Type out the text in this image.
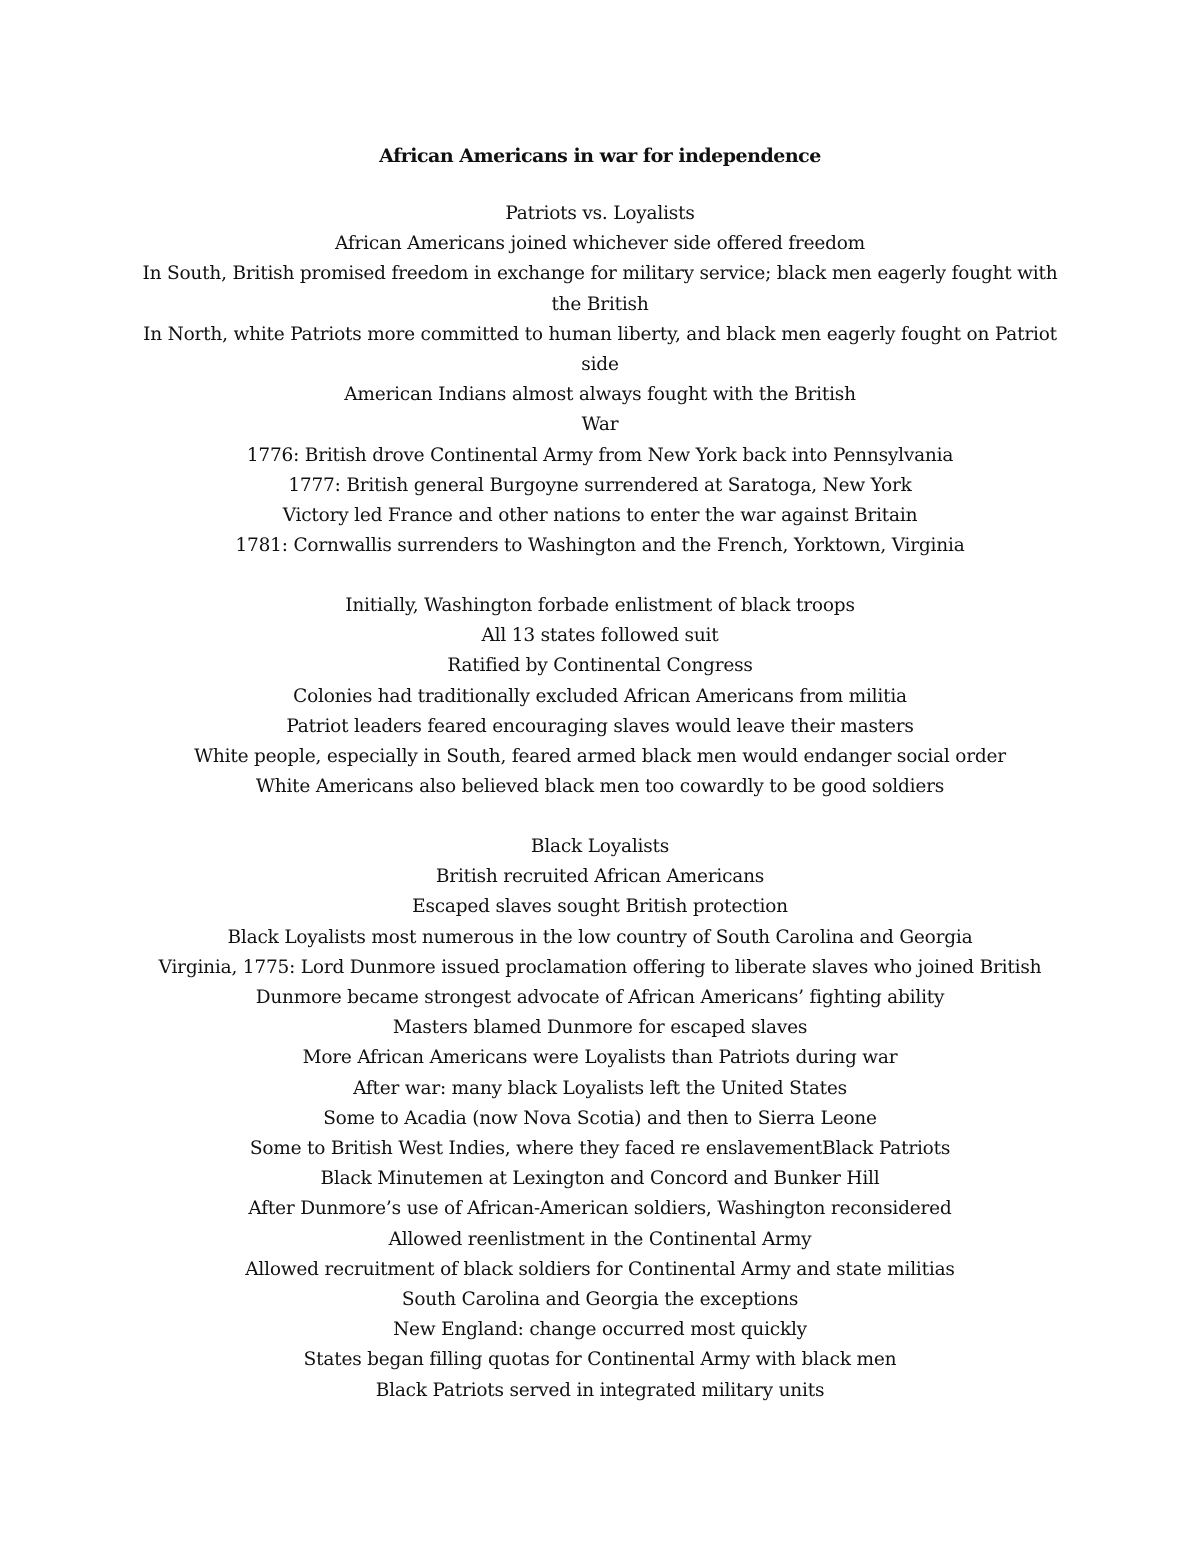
African Americans in war for independence

Patriots vs. Loyalists

African Americans joined whichever side offered freedom

In South, British promised freedom in exchange for military service; black men eagerly fought with the British

In North, white Patriots more committed to human liberty, and black men eagerly fought on Patriot side

American Indians almost always fought with the British

War

1776: British drove Continental Army from New York back into Pennsylvania

1777: British general Burgoyne surrendered at Saratoga, New York

Victory led France and other nations to enter the war against Britain

1781: Cornwallis surrenders to Washington and the French, Yorktown, Virginia

Initially, Washington forbade enlistment of black troops

All 13 states followed suit

Ratified by Continental Congress

Colonies had traditionally excluded African Americans from militia

Patriot leaders feared encouraging slaves would leave their masters

White people, especially in South, feared armed black men would endanger social order

White Americans also believed black men too cowardly to be good soldiers

Black Loyalists

British recruited African Americans

Escaped slaves sought British protection

Black Loyalists most numerous in the low country of South Carolina and Georgia

Virginia, 1775: Lord Dunmore issued proclamation offering to liberate slaves who joined British

Dunmore became strongest advocate of African Americans’ fighting ability

Masters blamed Dunmore for escaped slaves

More African Americans were Loyalists than Patriots during war

After war: many black Loyalists left the United States

Some to Acadia (now Nova Scotia) and then to Sierra Leone

Some to British West Indies, where they faced re enslavementBlack Patriots

Black Minutemen at Lexington and Concord and Bunker Hill

After Dunmore’s use of African-American soldiers, Washington reconsidered

Allowed reenlistment in the Continental Army

Allowed recruitment of black soldiers for Continental Army and state militias

South Carolina and Georgia the exceptions

New England: change occurred most quickly

States began filling quotas for Continental Army with black men

Black Patriots served in integrated military units
